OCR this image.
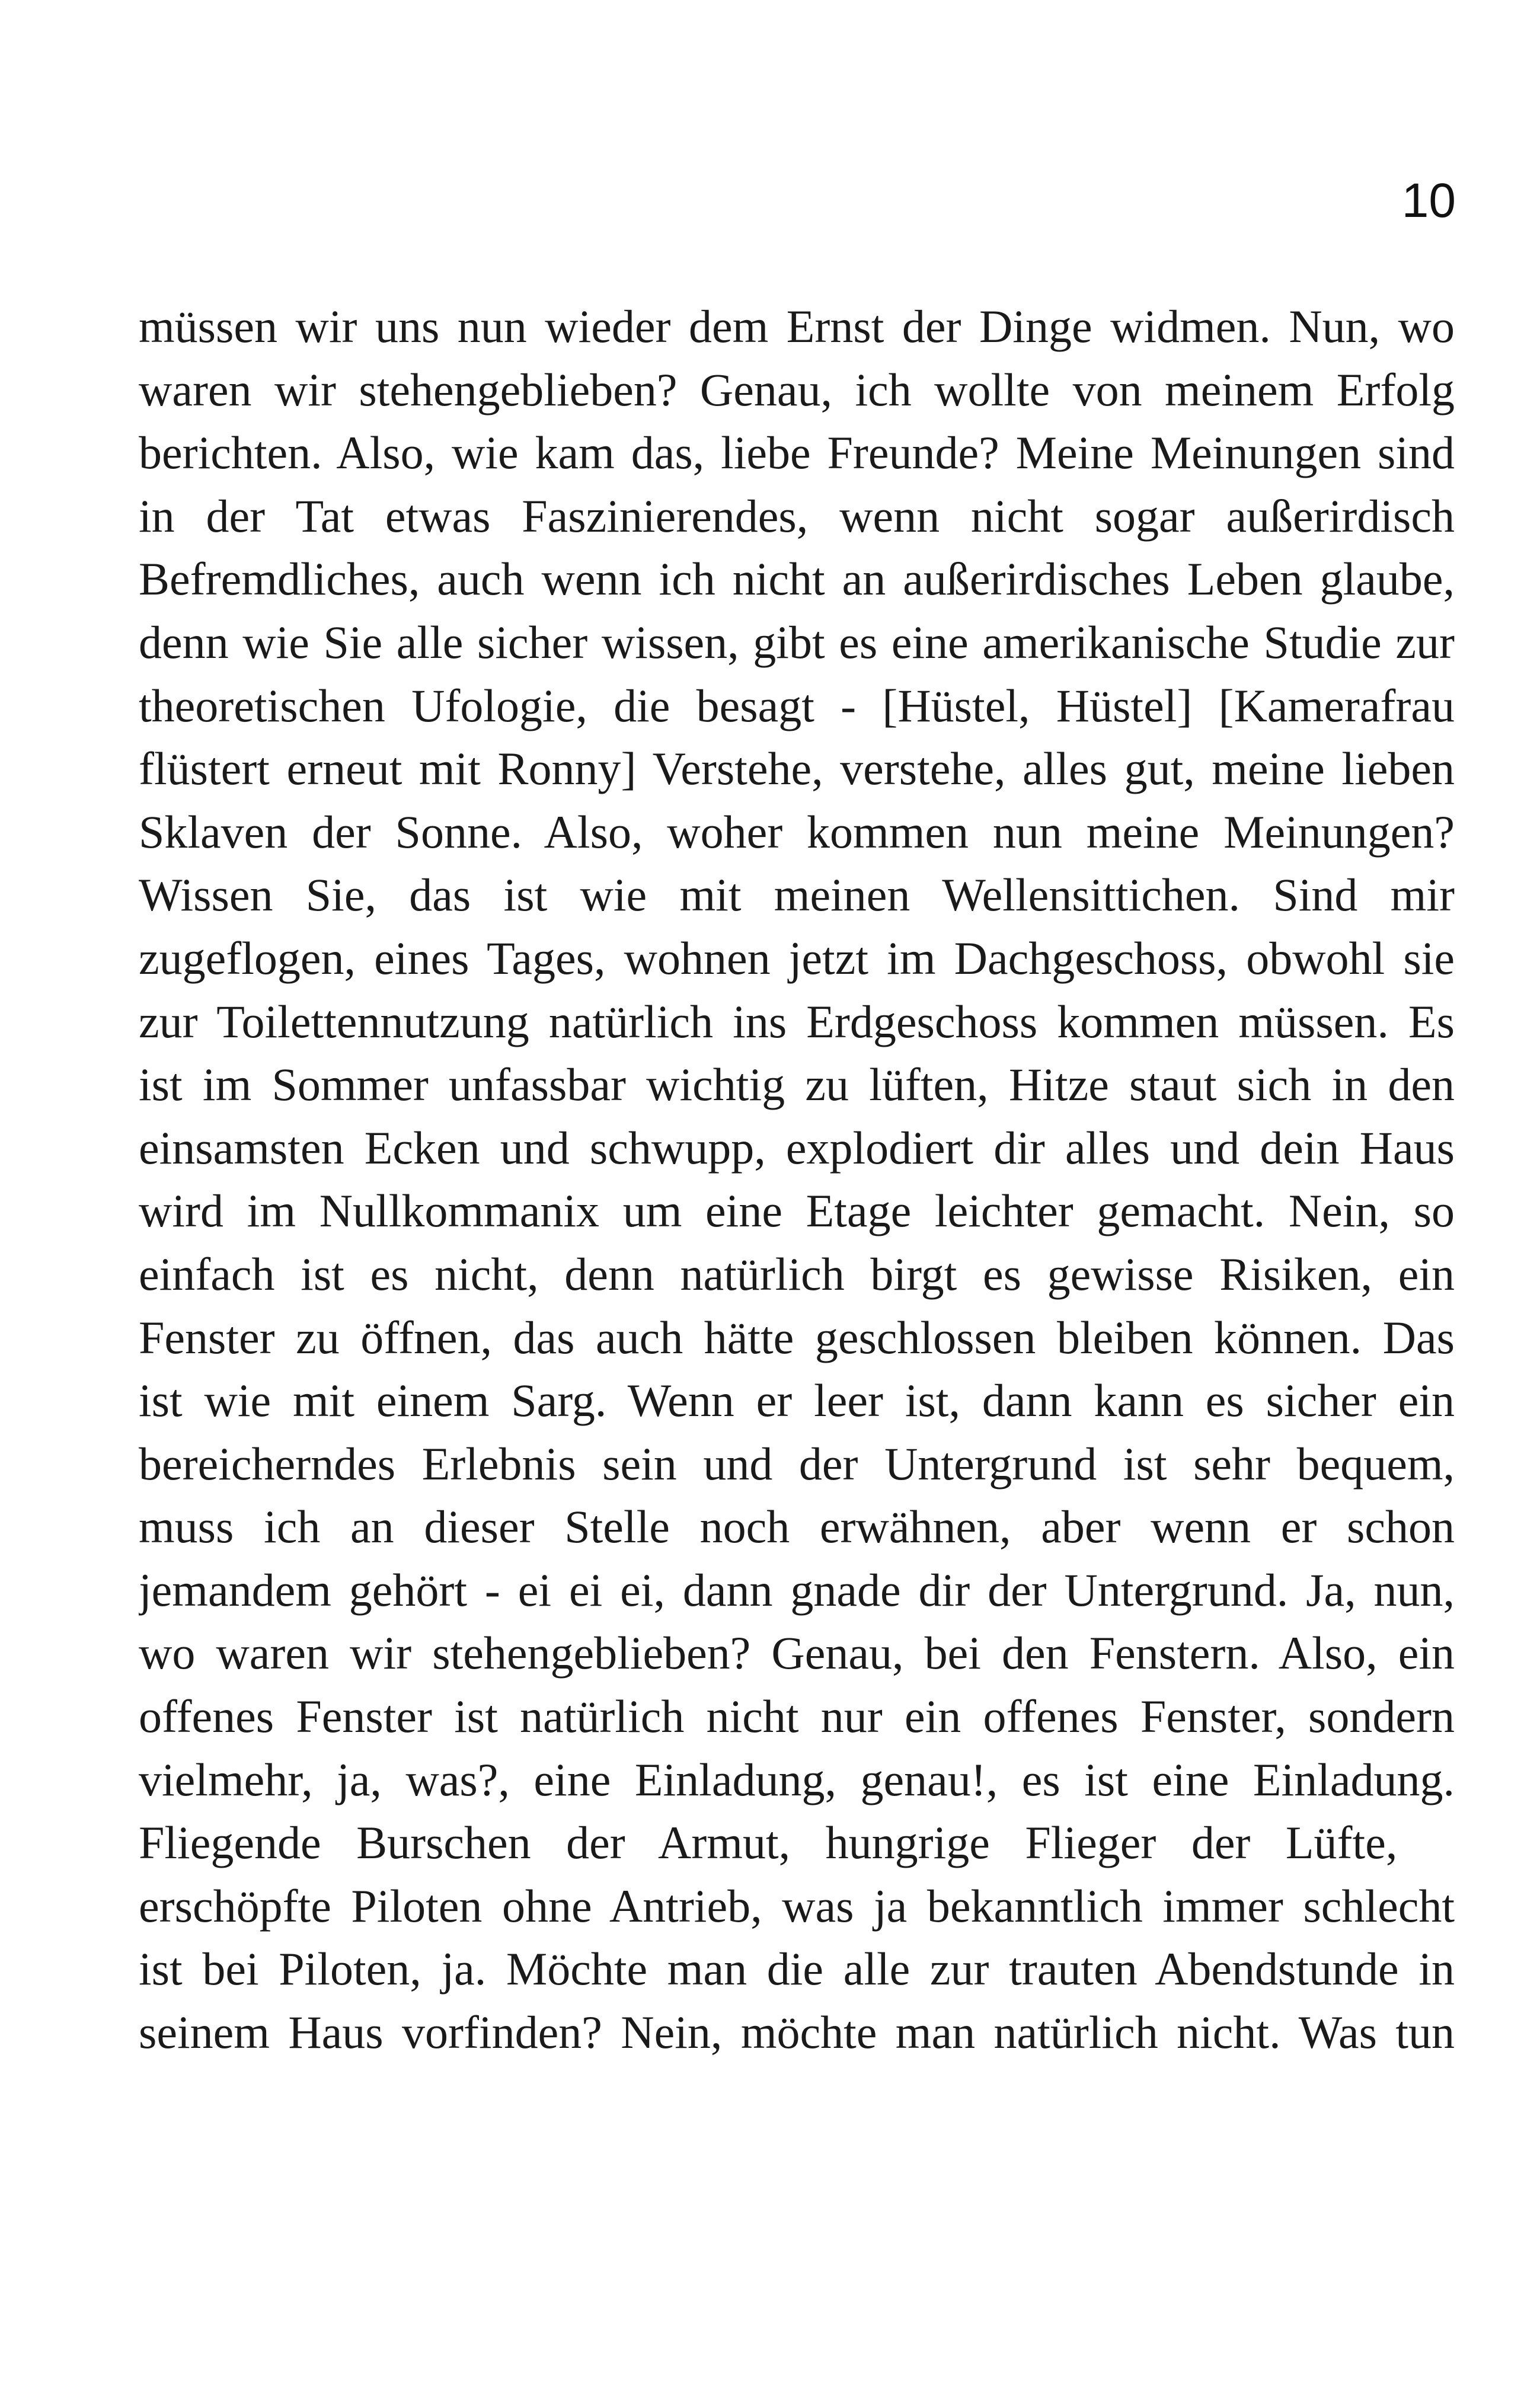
10
müssen wir uns nun wieder dem Ernst der Dinge widmen. Nun, wo
waren wir stehengeblieben? Genau, ich wollte von meinem Erfolg
berichten. Also, wie kam das, liebe Freunde? Meine Meinungen sind
in der Tat etwas Faszinierendes, wenn nicht sogar außerirdisch
Befremdliches, auch wenn ich nicht an außerirdisches Leben glaube,
denn wie Sie alle sicher wissen, gibt es eine amerikanische Studie zur
theoretischen Ufologie, die besagt - [Hüstel, Hüstel] [Kamerafrau
flüstert erneut mit Ronny] Verstehe, verstehe, alles gut, meine lieben
Sklaven der Sonne. Also, woher kommen nun meine Meinungen?
Wissen Sie, das ist wie mit meinen Wellensittichen. Sind mir
zugeflogen, eines Tages, wohnen jetzt im Dachgeschoss, obwohl sie
zur Toilettennutzung natürlich ins Erdgeschoss kommen müssen. Es
ist im Sommer unfassbar wichtig zu lüften, Hitze staut sich in den
einsamsten Ecken und schwupp, explodiert dir alles und dein Haus
wird im Nullkommanix um eine Etage leichter gemacht. Nein, so
einfach ist es nicht, denn natürlich birgt es gewisse Risiken, ein
Fenster zu öffnen, das auch hätte geschlossen bleiben können. Das
ist wie mit einem Sarg. Wenn er leer ist, dann kann es sicher ein
bereicherndes Erlebnis sein und der Untergrund ist sehr bequem,
muss ich an dieser Stelle noch erwähnen, aber wenn er schon
jemandem gehört - ei ei ei, dann gnade dir der Untergrund. Ja, nun,
wo waren wir stehengeblieben? Genau, bei den Fenstern. Also, ein
offenes Fenster ist natürlich nicht nur ein offenes Fenster, sondern
vielmehr, ja, was?, eine Einladung, genau!, es ist eine Einladung.
Fliegende Burschen der Armut, hungrige Flieger der Lüfte,
erschöpfte Piloten ohne Antrieb, was ja bekanntlich immer schlecht
ist bei Piloten, ja. Möchte man die alle zur trauten Abendstunde in
seinem Haus vorfinden? Nein, möchte man natürlich nicht. Was tun
